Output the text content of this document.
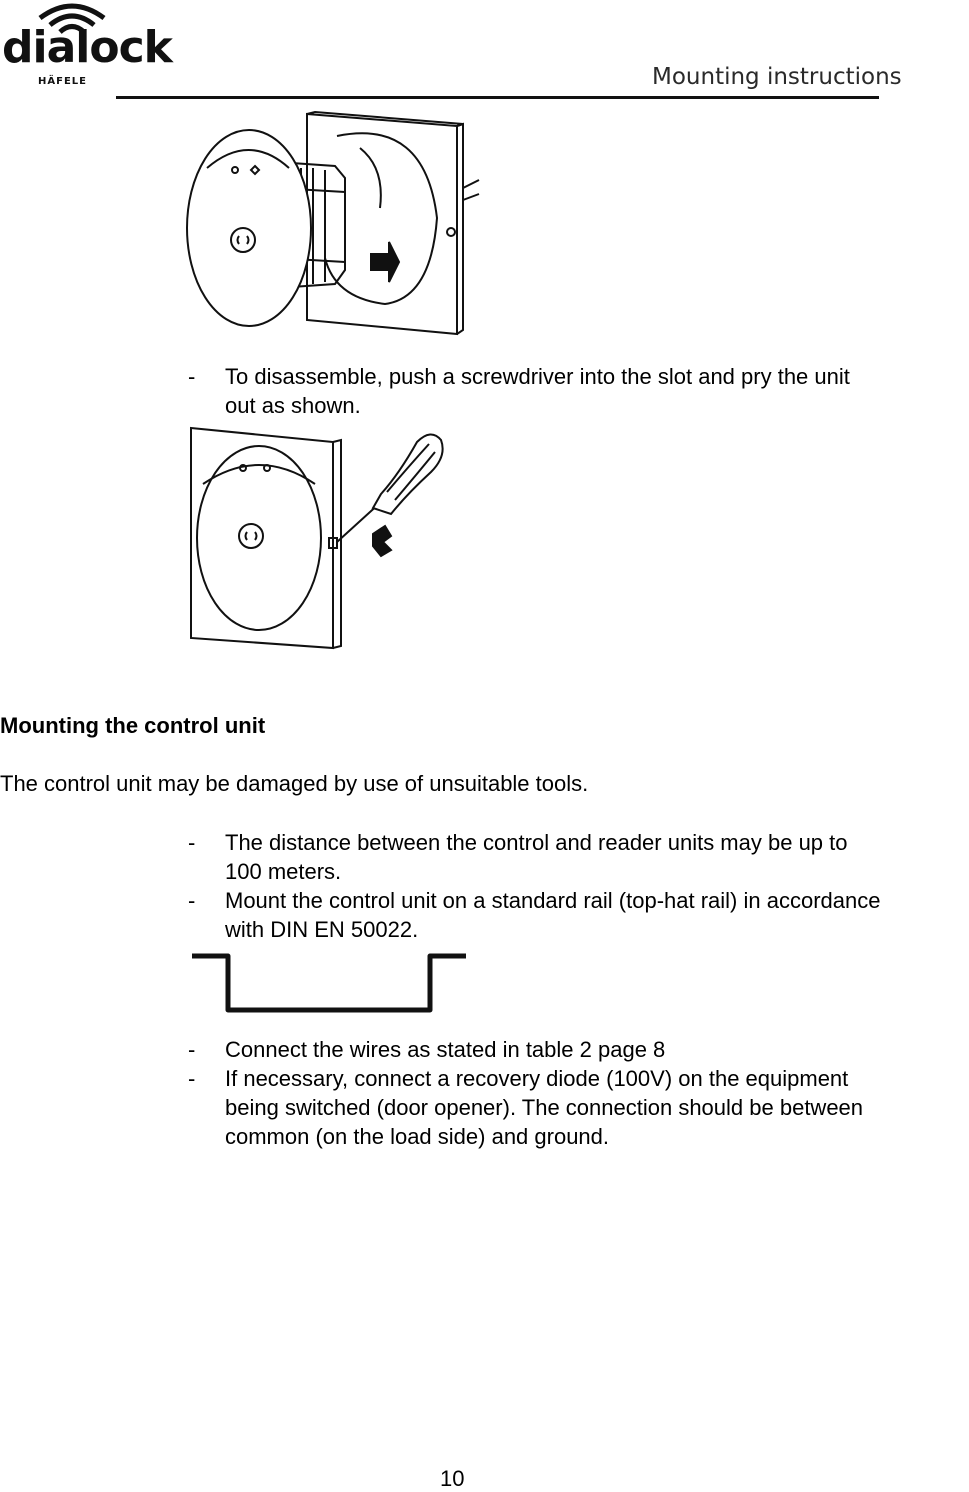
dialock
HÄFELE	Mounting instructions
-	To disassemble, push a screwdriver into the slot and pry the unit
out as shown.
Mounting the control unit
The control unit may be damaged by use of unsuitable tools.
-	The distance between the control and reader units may be up to
100 meters.
-	Mount the control unit on a standard rail (top-hat rail) in accordance
with DIN EN 50022.
-	Connect the wires as stated in table 2 page 8
-	If necessary, connect a recovery diode (100V) on the equipment
being switched (door opener). The connection should be between
common (on the load side) and ground.
10
